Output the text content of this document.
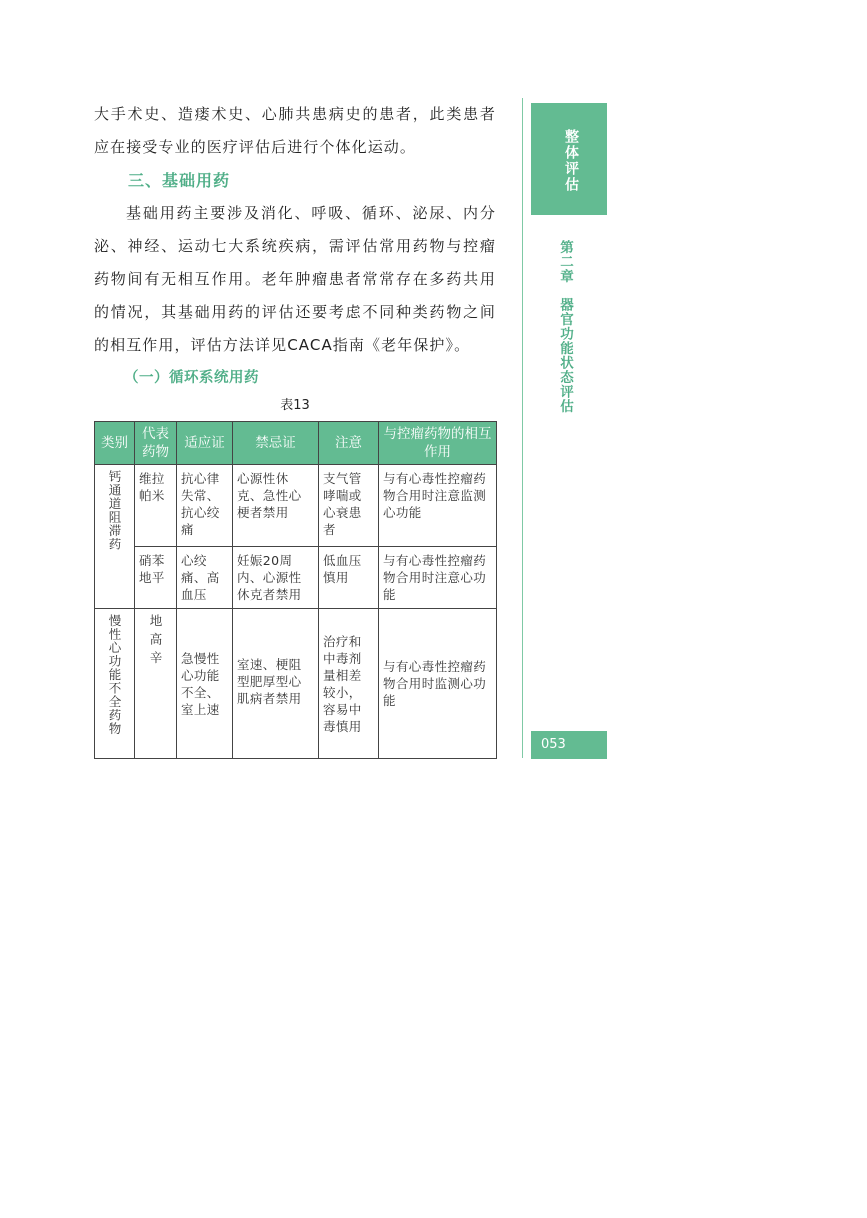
大手术史、造瘘术史、心肺共患病史的患者，此类患者应在接受专业的医疗评估后进行个体化运动。

三、基础用药

基础用药主要涉及消化、呼吸、循环、泌尿、内分泌、神经、运动七大系统疾病，需评估常用药物与控瘤药物间有无相互作用。老年肿瘤患者常常存在多药共用的情况，其基础用药的评估还要考虑不同种类药物之间的相互作用，评估方法详见CACA指南《老年保护》。

（一）循环系统用药

表13
类别	代表药物	适应证	禁忌证	注意	与控瘤药物的相互作用

钙通道阻滞药	维拉帕米	抗心律失常、抗心绞痛	心源性休克、急性心梗者禁用	支气管哮喘或心衰患者	与有心毒性控瘤药物合用时注意监测心功能
	硝苯地平	心绞痛、高血压	妊娠20周内、心源性休克者禁用	低血压慎用	与有心毒性控瘤药物合用时注意心功能

慢性心功能不全药物	地高辛	急慢性心功能不全、室上速	室速、梗阻型肥厚型心肌病者禁用	治疗和中毒剂量相差较小，容易中毒慎用	与有心毒性控瘤药物合用时监测心功能
整体评估
第二章器官功能状态评估
053
